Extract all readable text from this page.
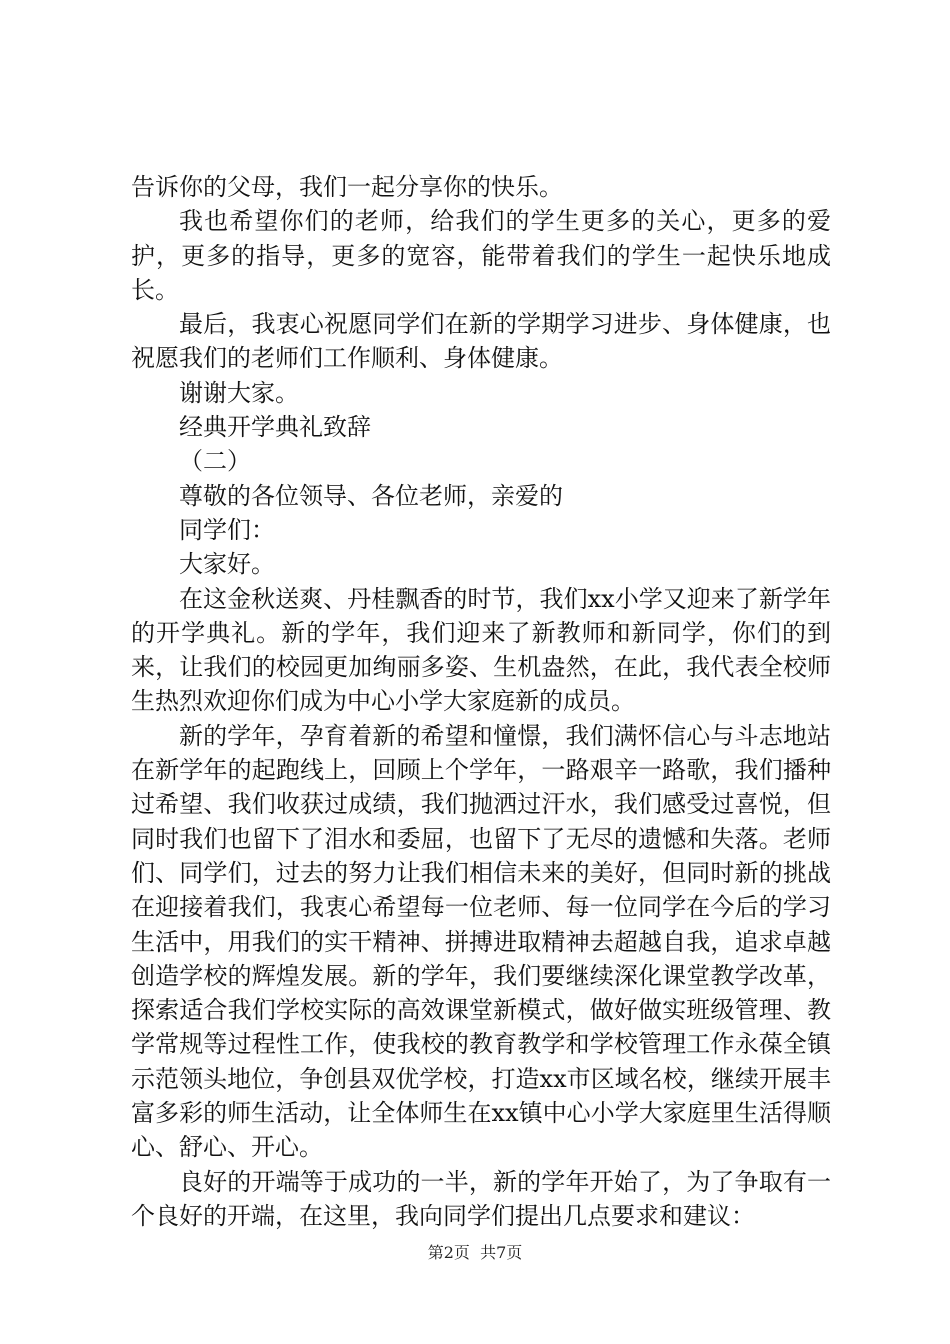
告诉你的父母，我们一起分享你的快乐。

我也希望你们的老师，给我们的学生更多的关心，更多的爱护，更多的指导，更多的宽容，能带着我们的学生一起快乐地成长。

最后，我衷心祝愿同学们在新的学期学习进步、身体健康，也祝愿我们的老师们工作顺利、身体健康。

谢谢大家。

经典开学典礼致辞

（二）

尊敬的各位领导、各位老师，亲爱的

同学们：

大家好。

在这金秋送爽、丹桂飘香的时节，我们xx小学又迎来了新学年的开学典礼。新的学年，我们迎来了新教师和新同学，你们的到来，让我们的校园更加绚丽多姿、生机盎然，在此，我代表全校师生热烈欢迎你们成为中心小学大家庭新的成员。

新的学年，孕育着新的希望和憧憬，我们满怀信心与斗志地站在新学年的起跑线上，回顾上个学年，一路艰辛一路歌，我们播种过希望、我们收获过成绩，我们抛洒过汗水，我们感受过喜悦，但同时我们也留下了泪水和委屈，也留下了无尽的遗憾和失落。老师们、同学们，过去的努力让我们相信未来的美好，但同时新的挑战在迎接着我们，我衷心希望每一位老师、每一位同学在今后的学习生活中，用我们的实干精神、拼搏进取精神去超越自我，追求卓越创造学校的辉煌发展。新的学年，我们要继续深化课堂教学改革，探索适合我们学校实际的高效课堂新模式，做好做实班级管理、教学常规等过程性工作，使我校的教育教学和学校管理工作永葆全镇示范领头地位，争创县双优学校，打造xx市区域名校，继续开展丰富多彩的师生活动，让全体师生在xx镇中心小学大家庭里生活得顺心、舒心、开心。

良好的开端等于成功的一半，新的学年开始了，为了争取有一个良好的开端，在这里，我向同学们提出几点要求和建议：

第2页  共7页
